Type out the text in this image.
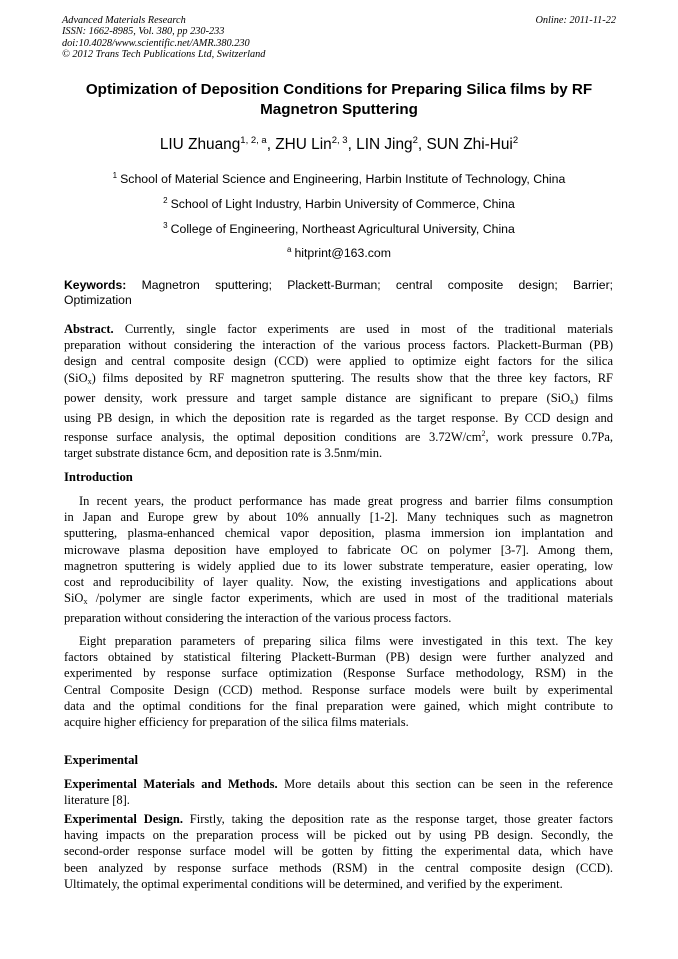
Advanced Materials Research
ISSN: 1662-8985, Vol. 380, pp 230-233
doi:10.4028/www.scientific.net/AMR.380.230
© 2012 Trans Tech Publications Ltd, Switzerland
Online: 2011-11-22
Optimization of Deposition Conditions for Preparing Silica films by RF
Magnetron Sputtering
LIU Zhuang$^{1, 2, a}$, ZHU Lin$^{2, 3}$, LIN Jing$^2$, SUN Zhi-Hui$^2$
$^1$ School of Material Science and Engineering, Harbin Institute of Technology, China
$^2$ School of Light Industry, Harbin University of Commerce, China
$^3$ College of Engineering, Northeast Agricultural University, China
$^a$ hitprint@163.com
Keywords: Magnetron sputtering; Plackett-Burman; central composite design; Barrier;
Optimization
Abstract. Currently, single factor experiments are used in most of the traditional materials
preparation without considering the interaction of the various process factors. Plackett-Burman (PB)
design and central composite design (CCD) were applied to optimize eight factors for the silica
(SiO$_x$) films deposited by RF magnetron sputtering. The results show that the three key factors, RF
power density, work pressure and target sample distance are significant to prepare (SiO$_x$) films
using PB design, in which the deposition rate is regarded as the target response. By CCD design and
response surface analysis, the optimal deposition conditions are $3.72W/cm^2$, work pressure 0.7Pa,
target substrate distance 6cm, and deposition rate is 3.5nm/min.
Introduction
In recent years, the product performance has made great progress and barrier films consumption
in Japan and Europe grew by about 10% annually [1-2]. Many techniques such as magnetron
sputtering, plasma-enhanced chemical vapor deposition, plasma immersion ion implantation and
microwave plasma deposition have employed to fabricate OC on polymer [3-7]. Among them,
magnetron sputtering is widely applied due to its lower substrate temperature, easier operating, low
cost and reproducibility of layer quality. Now, the existing investigations and applications about
SiO$_x$ /polymer are single factor experiments, which are used in most of the traditional materials
preparation without considering the interaction of the various process factors.
Eight preparation parameters of preparing silica films were investigated in this text. The key
factors obtained by statistical filtering Plackett-Burman (PB) design were further analyzed and
experimented by response surface optimization (Response Surface methodology, RSM) in the
Central Composite Design (CCD) method. Response surface models were built by experimental
data and the optimal conditions for the final preparation were gained, which might contribute to
acquire higher efficiency for preparation of the silica films materials.
Experimental
Experimental Materials and Methods. More details about this section can be seen in the reference
literature [8].
Experimental Design. Firstly, taking the deposition rate as the response target, those greater factors
having impacts on the preparation process will be picked out by using PB design. Secondly, the
second-order response surface model will be gotten by fitting the experimental data, which have
been analyzed by response surface methods (RSM) in the central composite design (CCD).
Ultimately, the optimal experimental conditions will be determined, and verified by the experiment.
